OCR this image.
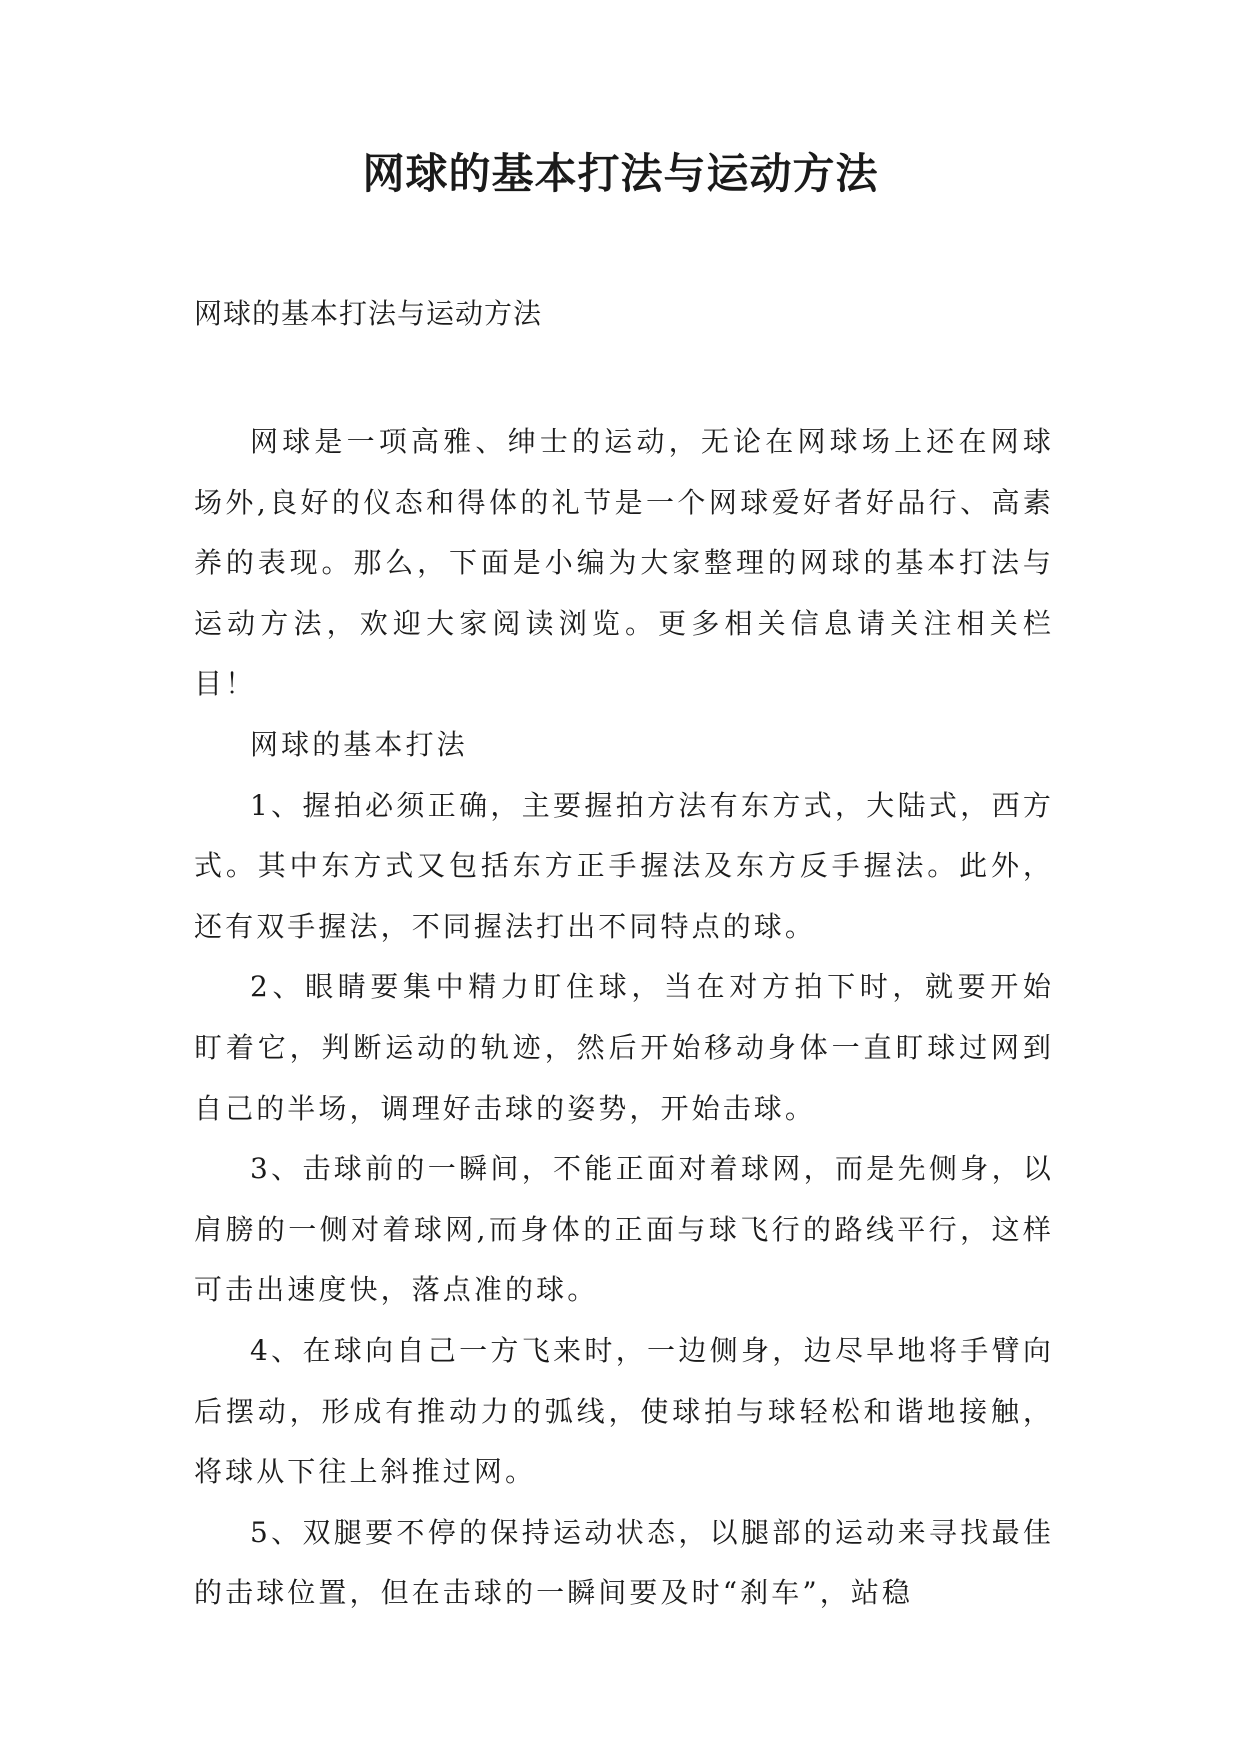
网球的基本打法与运动方法

网球的基本打法与运动方法

网球是一项高雅、绅士的运动，无论在网球场上还在网球场外,良好的仪态和得体的礼节是一个网球爱好者好品行、高素养的表现。那么，下面是小编为大家整理的网球的基本打法与运动方法，欢迎大家阅读浏览。更多相关信息请关注相关栏目！

网球的基本打法

1、握拍必须正确，主要握拍方法有东方式，大陆式，西方式。其中东方式又包括东方正手握法及东方反手握法。此外，还有双手握法，不同握法打出不同特点的球。

2、眼睛要集中精力盯住球，当在对方拍下时，就要开始 盯着它，判断运动的轨迹，然后开始移动身体一直盯球过网到自己的半场，调理好击球的姿势，开始击球。

3、击球前的一瞬间，不能正面对着球网，而是先侧身，以肩膀的一侧对着球网,而身体的正面与球飞行的路线平行，这样可击出速度快，落点准的球。

4、在球向自己一方飞来时，一边侧身，边尽早地将手臂向后摆动，形成有推动力的弧线，使球拍与球轻松和谐地接触，将球从下往上斜推过网。

5、双腿要不停的保持运动状态，以腿部的运动来寻找最佳的击球位置，但在击球的一瞬间要及时“刹车”，站稳
